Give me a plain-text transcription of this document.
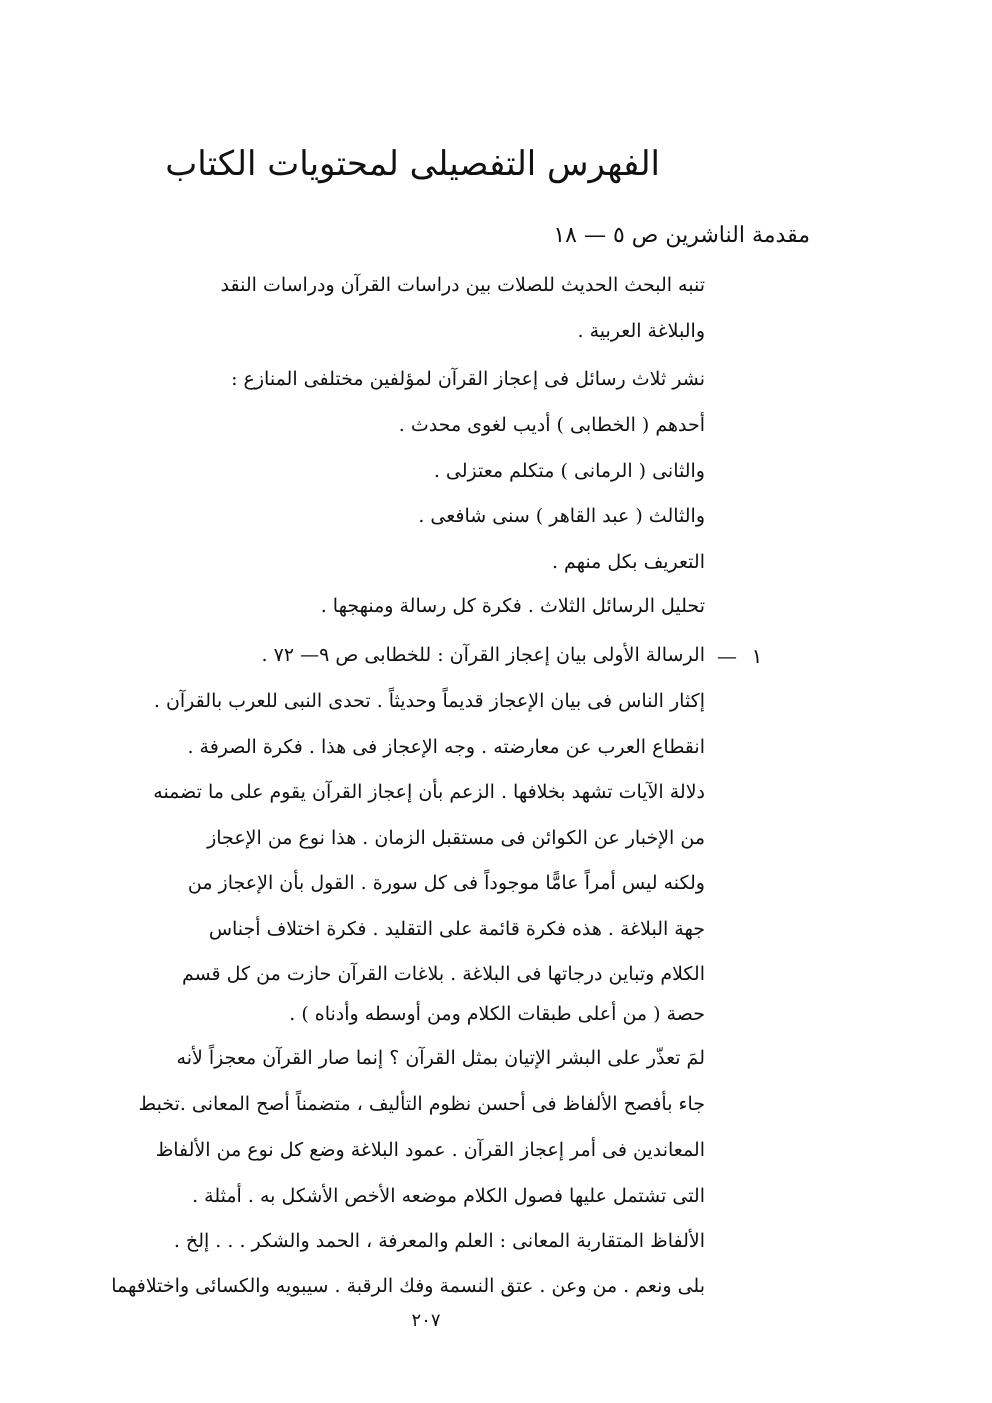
الفهرس التفصيلى لمحتويات الكتاب
مقدمة الناشرين ص ٥ — ١٨
تنبه البحث الحديث للصلات بين دراسات القرآن ودراسات النقد
والبلاغة العربية .
نشر ثلاث رسائل فى إعجاز القرآن لمؤلفين مختلفى المنازع :
أحدهم ( الخطابى ) أديب لغوى محدث .
والثانى ( الرمانى ) متكلم معتزلى .
والثالث ( عبد القاهر ) سنى شافعى .
التعريف بكل منهم .
تحليل الرسائل الثلاث . فكرة كل رسالة ومنهجها .
١
—
الرسالة الأولى بيان إعجاز القرآن : للخطابى ص ٩— ٧٢ .
إكثار الناس فى بيان الإعجاز قديماً وحديثاً . تحدى النبى للعرب بالقرآن .
انقطاع العرب عن معارضته . وجه الإعجاز فى هذا . فكرة الصرفة .
دلالة الآيات تشهد بخلافها . الزعم بأن إعجاز القرآن يقوم على ما تضمنه
من الإخبار عن الكوائن فى مستقبل الزمان . هذا نوع من الإعجاز
ولكنه ليس أمراً عامًّا موجوداً فى كل سورة . القول بأن الإعجاز من
جهة البلاغة . هذه فكرة قائمة على التقليد . فكرة اختلاف أجناس
الكلام وتباين درجاتها فى البلاغة . بلاغات القرآن حازت من كل قسم
حصة ( من أعلى طبقات الكلام ومن أوسطه وأدناه ) .
لمَ تعذّر على البشر الإتيان بمثل القرآن ؟ إنما صار القرآن معجزاً لأنه
جاء بأفصح الألفاظ فى أحسن نظوم التأليف ، متضمناً أصح المعانى .تخبط
المعاندين فى أمر إعجاز القرآن . عمود البلاغة وضع كل نوع من الألفاظ
التى تشتمل عليها فصول الكلام موضعه الأخص الأشكل به . أمثلة .
الألفاظ المتقاربة المعانى : العلم والمعرفة ، الحمد والشكر . . . إلخ .
بلى ونعم . من وعن . عتق النسمة وفك الرقبة . سيبويه والكسائى واختلافهما
٢٠٧
